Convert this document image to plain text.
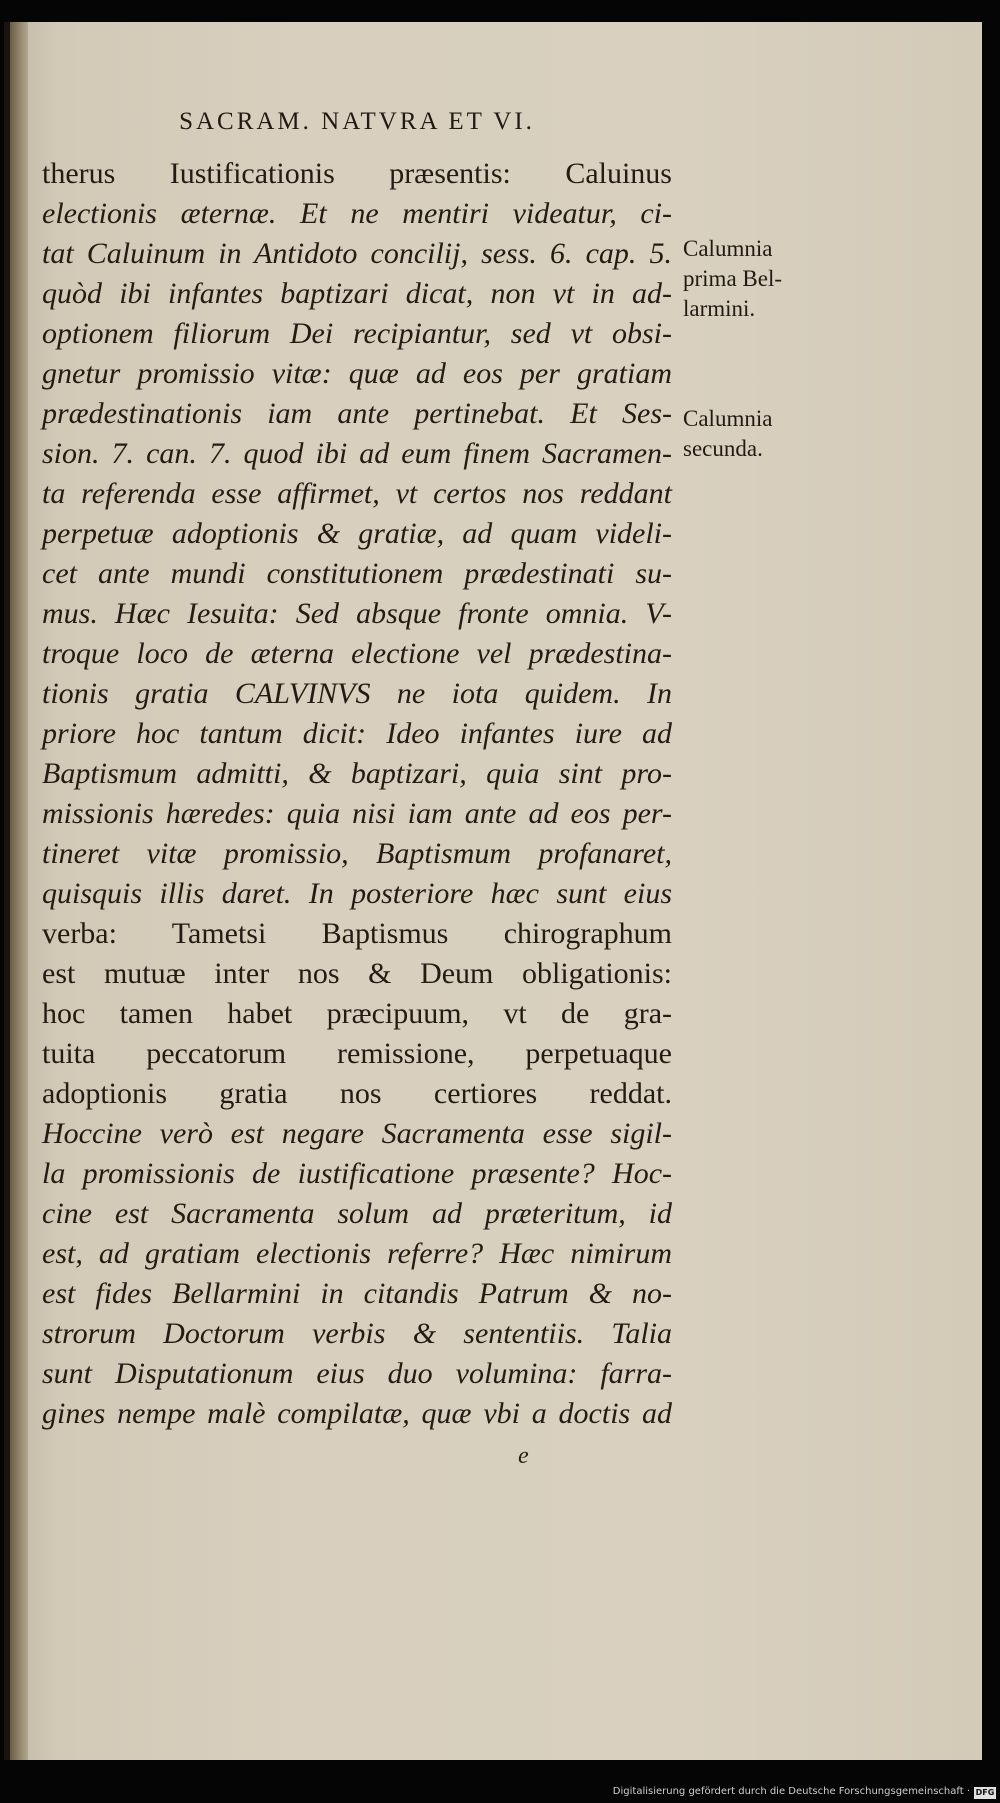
SACRAM. NATVRA ET VI.
therus Iustificationis præsentis: Caluinus
electionis æternæ. Et ne mentiri videatur, ci-
tat Caluinum in Antidoto concilij, sess. 6. cap. 5.
quòd ibi infantes baptizari dicat, non vt in ad-
optionem filiorum Dei recipiantur, sed vt obsi-
gnetur promissio vitæ: quæ ad eos per gratiam
prædestinationis iam ante pertinebat. Et Ses-
sion. 7. can. 7. quod ibi ad eum finem Sacramen-
ta referenda esse affirmet, vt certos nos reddant
perpetuæ adoptionis & gratiæ, ad quam videli-
cet ante mundi constitutionem prædestinati su-
mus. Hæc Iesuita: Sed absque fronte omnia. V-
troque loco de æterna electione vel prædestina-
tionis gratia CALVINVS ne iota quidem. In
priore hoc tantum dicit: Ideo infantes iure ad
Baptismum admitti, & baptizari, quia sint pro-
missionis hæredes: quia nisi iam ante ad eos per-
tineret vitæ promissio, Baptismum profanaret,
quisquis illis daret. In posteriore hæc sunt eius
verba: Tametsi Baptismus chirographum
est mutuæ inter nos & Deum obligationis:
hoc tamen habet præcipuum, vt de gra-
tuita peccatorum remissione, perpetuaque
adoptionis gratia nos certiores reddat.
Hoccine verò est negare Sacramenta esse sigil-
la promissionis de iustificatione præsente? Hoc-
cine est Sacramenta solum ad præteritum, id
est, ad gratiam electionis referre? Hæc nimirum
est fides Bellarmini in citandis Patrum & no-
strorum Doctorum verbis & sententiis. Talia
sunt Disputationum eius duo volumina: farra-
gines nempe malè compilatæ, quæ vbi a doctis ad
Calumnia
prima Bel-
larmini.
Calumnia
secunda.
e
Digitalisierung gefördert durch die Deutsche Forschungsgemeinschaft · DFG
